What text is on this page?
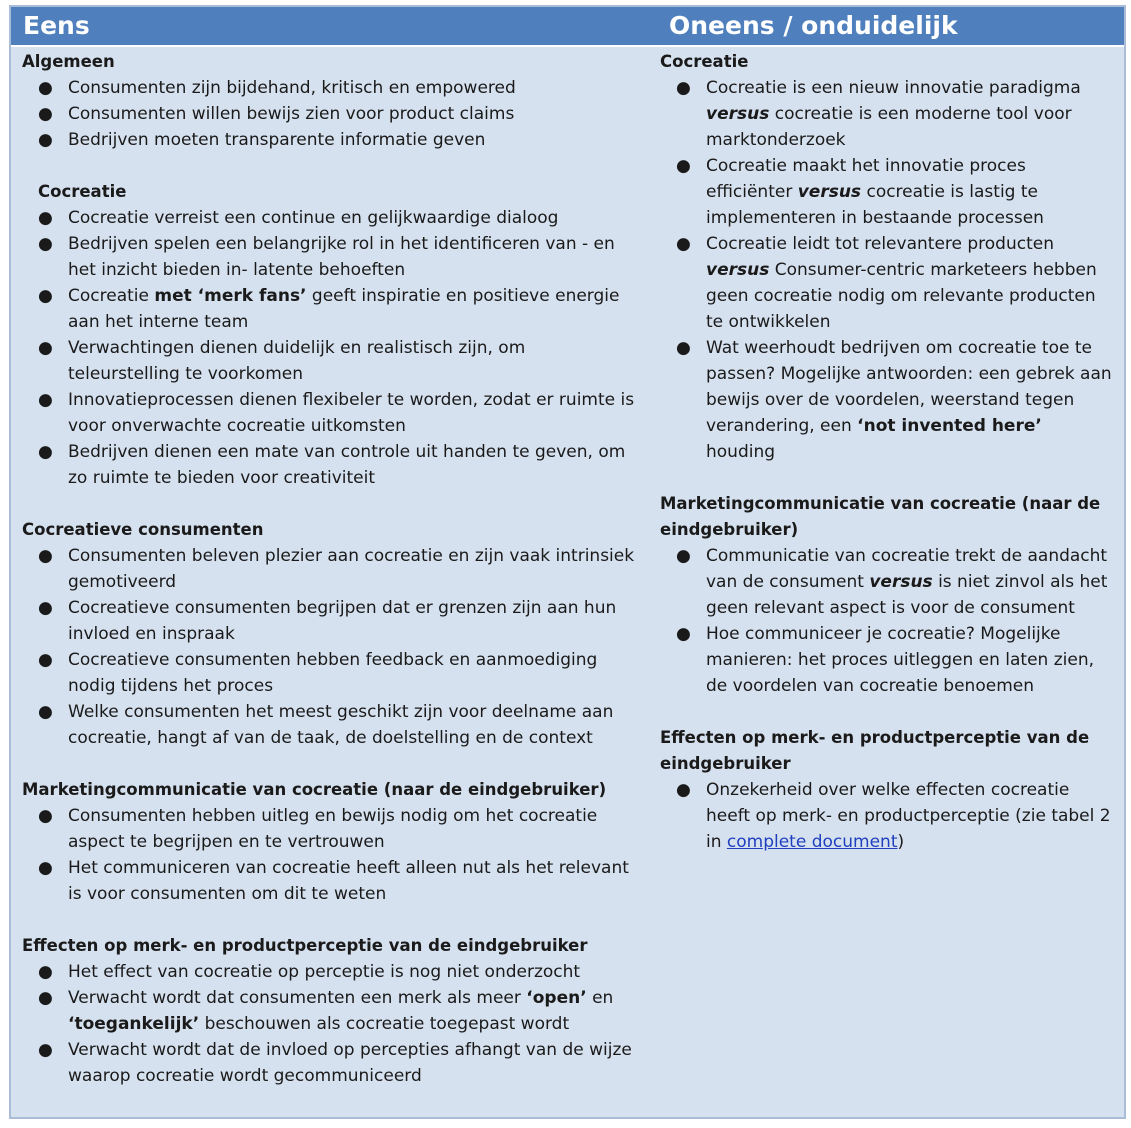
Eens	Oneens / onduidelijk
Algemeen
● Consumenten zijn bijdehand, kritisch en empowered
● Consumenten willen bewijs zien voor product claims
● Bedrijven moeten transparente informatie geven
Cocreatie
● Cocreatie verreist een continue en gelijkwaardige dialoog
● Bedrijven spelen een belangrijke rol in het identificeren van - en het inzicht bieden in- latente behoeften
● Cocreatie met ‘merk fans’ geeft inspiratie en positieve energie aan het interne team
● Verwachtingen dienen duidelijk en realistisch zijn, om teleurstelling te voorkomen
● Innovatieprocessen dienen flexibeler te worden, zodat er ruimte is voor onverwachte cocreatie uitkomsten
● Bedrijven dienen een mate van controle uit handen te geven, om zo ruimte te bieden voor creativiteit
Cocreatieve consumenten
● Consumenten beleven plezier aan cocreatie en zijn vaak intrinsiek gemotiveerd
● Cocreatieve consumenten begrijpen dat er grenzen zijn aan hun invloed en inspraak
● Cocreatieve consumenten hebben feedback en aanmoediging nodig tijdens het proces
● Welke consumenten het meest geschikt zijn voor deelname aan cocreatie, hangt af van de taak, de doelstelling en de context
Marketingcommunicatie van cocreatie (naar de eindgebruiker)
● Consumenten hebben uitleg en bewijs nodig om het cocreatie aspect te begrijpen en te vertrouwen
● Het communiceren van cocreatie heeft alleen nut als het relevant is voor consumenten om dit te weten
Effecten op merk- en productperceptie van de eindgebruiker
● Het effect van cocreatie op perceptie is nog niet onderzocht
● Verwacht wordt dat consumenten een merk als meer ‘open’ en ‘toegankelijk’ beschouwen als cocreatie toegepast wordt
● Verwacht wordt dat de invloed op percepties afhangt van de wijze waarop cocreatie wordt gecommuniceerd
Cocreatie
● Cocreatie is een nieuw innovatie paradigma versus cocreatie is een moderne tool voor marktonderzoek
● Cocreatie maakt het innovatie proces efficiënter versus cocreatie is lastig te implementeren in bestaande processen
● Cocreatie leidt tot relevantere producten versus Consumer-centric marketeers hebben geen cocreatie nodig om relevante producten te ontwikkelen
● Wat weerhoudt bedrijven om cocreatie toe te passen? Mogelijke antwoorden: een gebrek aan bewijs over de voordelen, weerstand tegen verandering, een ‘not invented here’ houding
Marketingcommunicatie van cocreatie (naar de eindgebruiker)
● Communicatie van cocreatie trekt de aandacht van de consument versus is niet zinvol als het geen relevant aspect is voor de consument
● Hoe communiceer je cocreatie? Mogelijke manieren: het proces uitleggen en laten zien, de voordelen van cocreatie benoemen
Effecten op merk- en productperceptie van de eindgebruiker
● Onzekerheid over welke effecten cocreatie heeft op merk- en productperceptie (zie tabel 2 in complete document)
